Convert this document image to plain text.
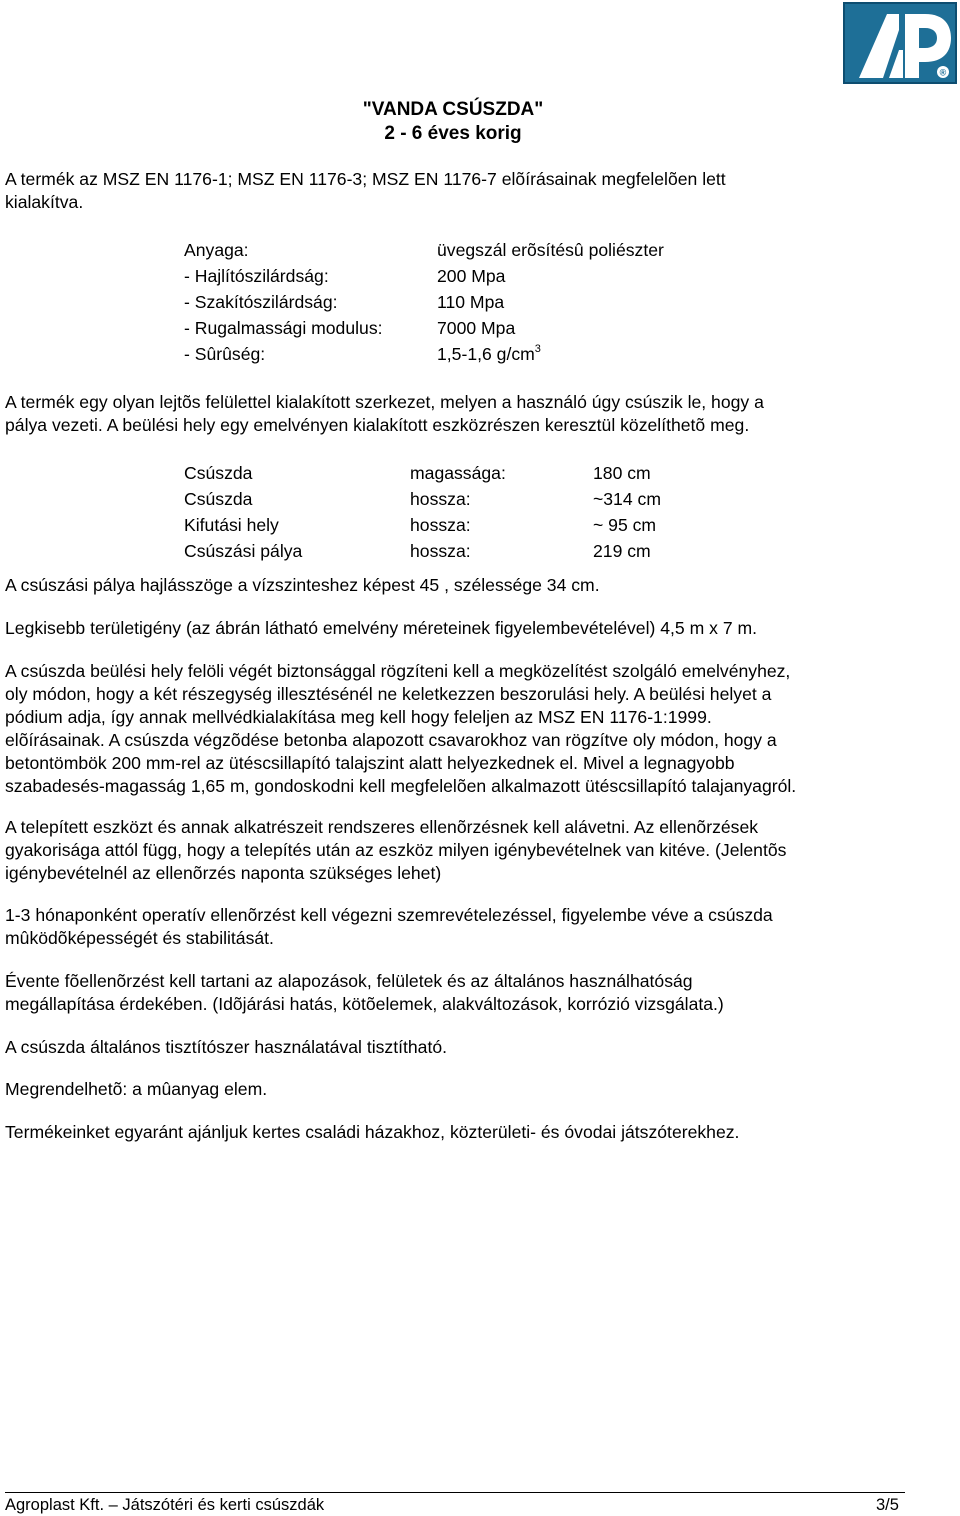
®
"VANDA CSÚSZDA"
2 - 6 éves korig
A termék az MSZ EN 1176-1; MSZ EN 1176-3; MSZ EN 1176-7 elõírásainak megfelelõen lett
kialakítva.
Anyaga:	üvegszál erõsítésû poliészter
- Hajlítószilárdság:	200 Mpa
- Szakítószilárdság:	110 Mpa
- Rugalmassági modulus:	7000 Mpa
- Sûrûség:	1,5-1,6 $g/cm^3$
A termék egy olyan lejtõs felülettel kialakított szerkezet, melyen a használó úgy csúszik le, hogy a
pálya vezeti. A beülési hely egy emelvényen kialakított eszközrészen keresztül közelíthetõ meg.
Csúszda	magassága:	180 cm
Csúszda	hossza:	~314 cm
Kifutási hely	hossza:	~ 95 cm
Csúszási pálya	hossza:	219 cm
A csúszási pálya hajlásszöge a vízszinteshez képest 45 , szélessége 34 cm.
Legkisebb területigény (az ábrán látható emelvény méreteinek figyelembevételével) 4,5 m x 7 m.
A csúszda beülési hely felöli végét biztonsággal rögzíteni kell a megközelítést szolgáló emelvényhez,
oly módon, hogy a két részegység illesztésénél ne keletkezzen beszorulási hely. A beülési helyet a
pódium adja, így annak mellvédkialakítása meg kell hogy feleljen az MSZ EN 1176-1:1999.
elõírásainak. A csúszda végzõdése betonba alapozott csavarokhoz van rögzítve oly módon, hogy a
betontömbök 200 mm-rel az ütéscsillapító talajszint alatt helyezkednek el. Mivel a legnagyobb
szabadesés-magasság 1,65 m, gondoskodni kell megfelelõen alkalmazott ütéscsillapító talajanyagról.
A telepített eszközt és annak alkatrészeit rendszeres ellenõrzésnek kell alávetni. Az ellenõrzések
gyakorisága attól függ, hogy a telepítés után az eszköz milyen igénybevételnek van kitéve. (Jelentõs
igénybevételnél az ellenõrzés naponta szükséges lehet)
1-3 hónaponként operatív ellenõrzést kell végezni szemrevételezéssel, figyelembe véve a csúszda
mûködõképességét és stabilitását.
Évente fõellenõrzést kell tartani az alapozások, felületek és az általános használhatóság
megállapítása érdekében. (Idõjárási hatás, kötõelemek, alakváltozások, korrózió vizsgálata.)
A csúszda általános tisztítószer használatával tisztítható.
Megrendelhetõ: a mûanyag elem.
Termékeinket egyaránt ajánljuk kertes családi házakhoz, közterületi- és óvodai játszóterekhez.
Agroplast Kft. – Játszótéri és kerti csúszdák	3/5
